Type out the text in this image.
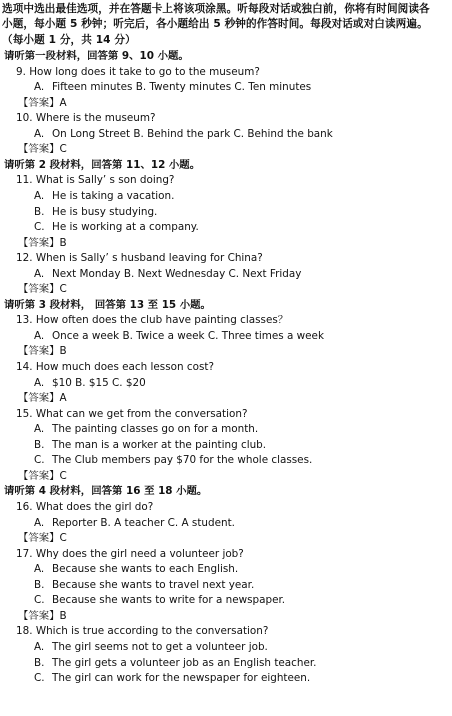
选项中选出最佳选项，并在答题卡上将该项涂黑。听每段对话或独白前，你将有时间阅读各
小题，每小题 5 秒钟；听完后，各小题给出 5 秒钟的作答时间。每段对话或对白读两遍。
（每小题 1 分，共 14 分）
请听第一段材料，回答第 9、10 小题。
9. How long does it take to go to the museum?
A. Fifteen minutes B. Twenty minutes C. Ten minutes
【答案】A
10. Where is the museum?
A. On Long Street B. Behind the park C. Behind the bank
【答案】C
请听第 2 段材料，回答第 11、12 小题。
11. What is Sally’ s son doing?
A. He is taking a vacation.
B. He is busy studying.
C. He is working at a company.
【答案】B
12. When is Sally’ s husband leaving for China?
A. Next Monday B. Next Wednesday C. Next Friday
【答案】C
请听第 3 段材料， 回答第 13 至 15 小题。
13. How often does the club have painting classes？
A. Once a week B. Twice a week C. Three times a week
【答案】B
14. How much does each lesson cost?
A. $10 B. $15 C. $20
【答案】A
15. What can we get from the conversation?
A. The painting classes go on for a month.
B. The man is a worker at the painting club.
C. The Club members pay $70 for the whole classes.
【答案】C
请听第 4 段材料，回答第 16 至 18 小题。
16. What does the girl do?
A. Reporter B. A teacher C. A student.
【答案】C
17. Why does the girl need a volunteer job?
A. Because she wants to each English.
B. Because she wants to travel next year.
C. Because she wants to write for a newspaper.
【答案】B
18. Which is true according to the conversation?
A. The girl seems not to get a volunteer job.
B. The girl gets a volunteer job as an English teacher.
C. The girl can work for the newspaper for eighteen.
